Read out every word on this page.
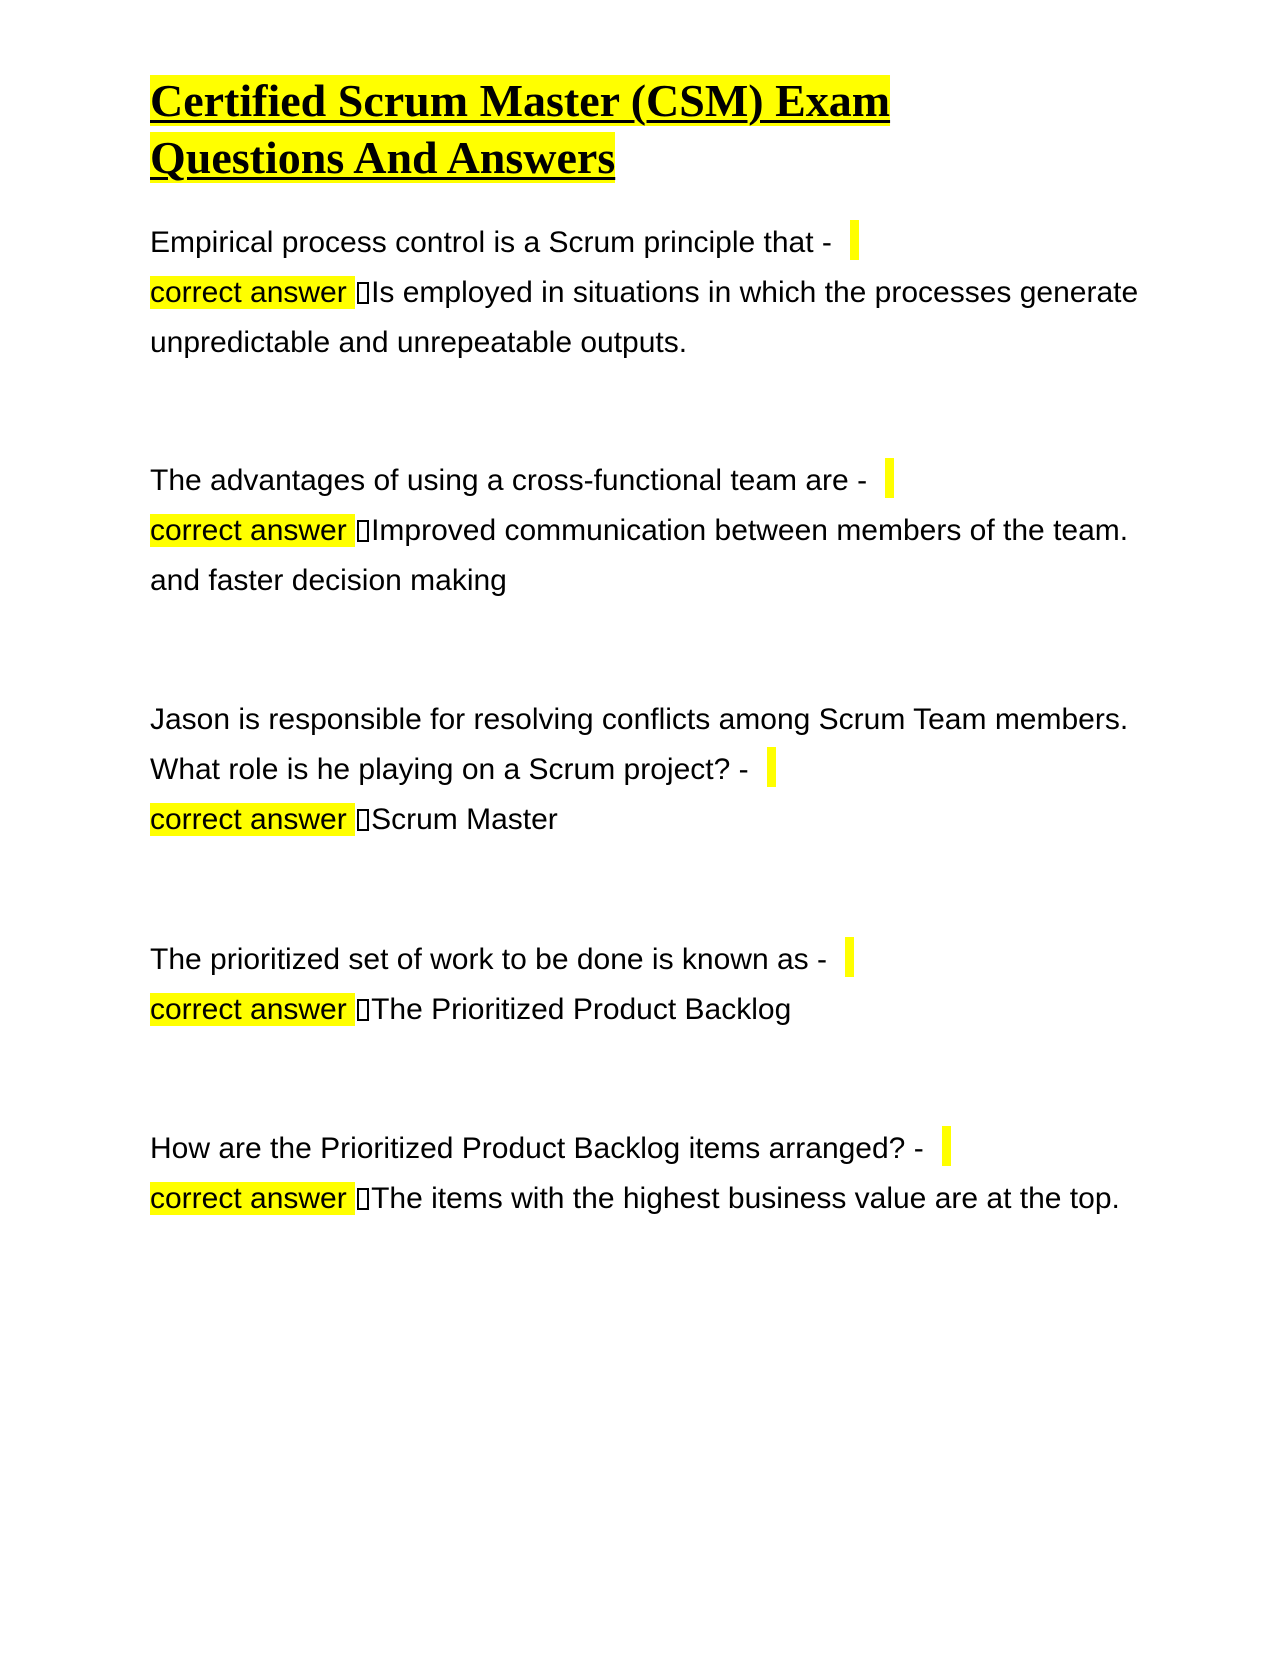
Certified Scrum Master (CSM) Exam
Questions And Answers

Empirical process control is a Scrum principle that -
correct answer Is employed in situations in which the processes generate unpredictable and unrepeatable outputs.

The advantages of using a cross-functional team are -
correct answer Improved communication between members of the team. and faster decision making

Jason is responsible for resolving conflicts among Scrum Team members. What role is he playing on a Scrum project? -
correct answer Scrum Master

The prioritized set of work to be done is known as -
correct answer The Prioritized Product Backlog

How are the Prioritized Product Backlog items arranged? -
correct answer The items with the highest business value are at the top.
